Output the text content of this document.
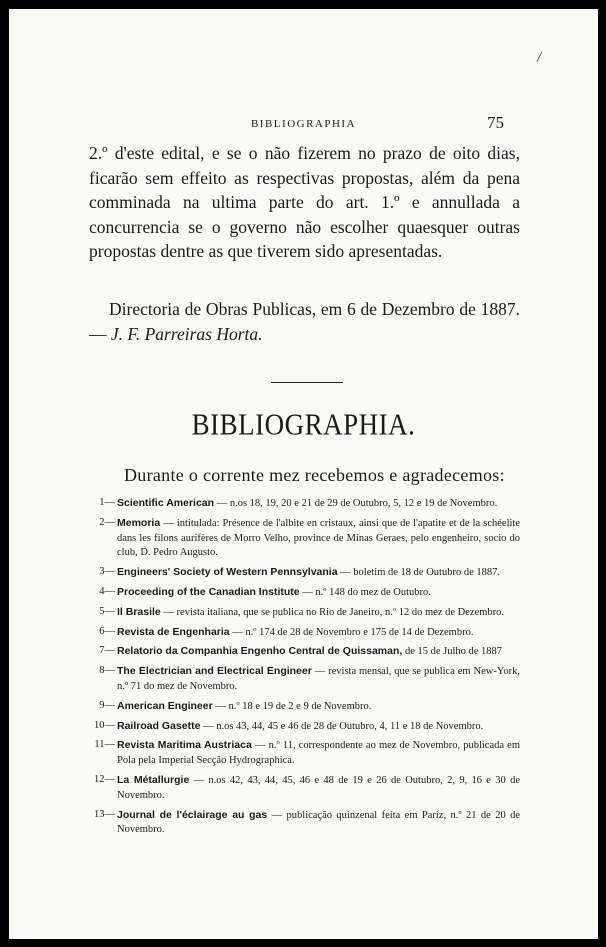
/
BIBLIOGRAPHIA	75
2.º d'este edital, e se o não fizerem no prazo de oito dias, ficarão sem effeito as respectivas propostas, além da pena comminada na ultima parte do art. 1.º e annullada a concurrencia se o governo não escolher quaesquer outras propostas dentre as que tiverem sido apresentadas.
Directoria de Obras Publicas, em 6 de Dezembro de 1887.— J. F. Parreiras Horta.
BIBLIOGRAPHIA.
Durante o corrente mez recebemos e agradecemos:
1— Scientific American — n.os 18, 19, 20 e 21 de 29 de Outubro, 5, 12 e 19 de Novembro.
2— Memoria — intitulada: Présence de l'albite en cristaux, ainsi que de l'apatite et de la schéelite dans les filons aurifères de Morro Velho, province de Minas Geraes, pelo engenheiro, socio do club, D. Pedro Augusto.
3— Engineers' Society of Western Pennsylvania — boletim de 18 de Outubro de 1887.
4— Proceeding of the Canadian Institute — n.º 148 do mez de Outubro.
5— Il Brasile — revista italiana, que se publica no Rio de Janeiro, n.º 12 do mez de Dezembro.
6— Revista de Engenharia — n.º 174 de 28 de Novembro e 175 de 14 de Dezembro.
7— Relatorio da Companhia Engenho Central de Quissaman, de 15 de Julho de 1887
8— The Electrician and Electrical Engineer — revista mensal, que se publica em New-York, n.º 71 do mez de Novembro.
9— American Engineer — n.º 18 e 19 de 2 e 9 de Novembro.
10— Railroad Gasette — n.os 43, 44, 45 e 46 de 28 de Outubro, 4, 11 e 18 de Novembro.
11— Revista Maritima Austriaca — n.º 11, correspondente ao mez de Novembro, publicada em Pola pela Imperial Secção Hydrographica.
12— La Métallurgie — n.os 42, 43, 44, 45, 46 e 48 de 19 e 26 de Outubro, 2, 9, 16 e 30 de Novembro.
13— Journal de l'éclairage au gas — publicação quinzenal feita em Pariz, n.º 21 de 20 de Novembro.
